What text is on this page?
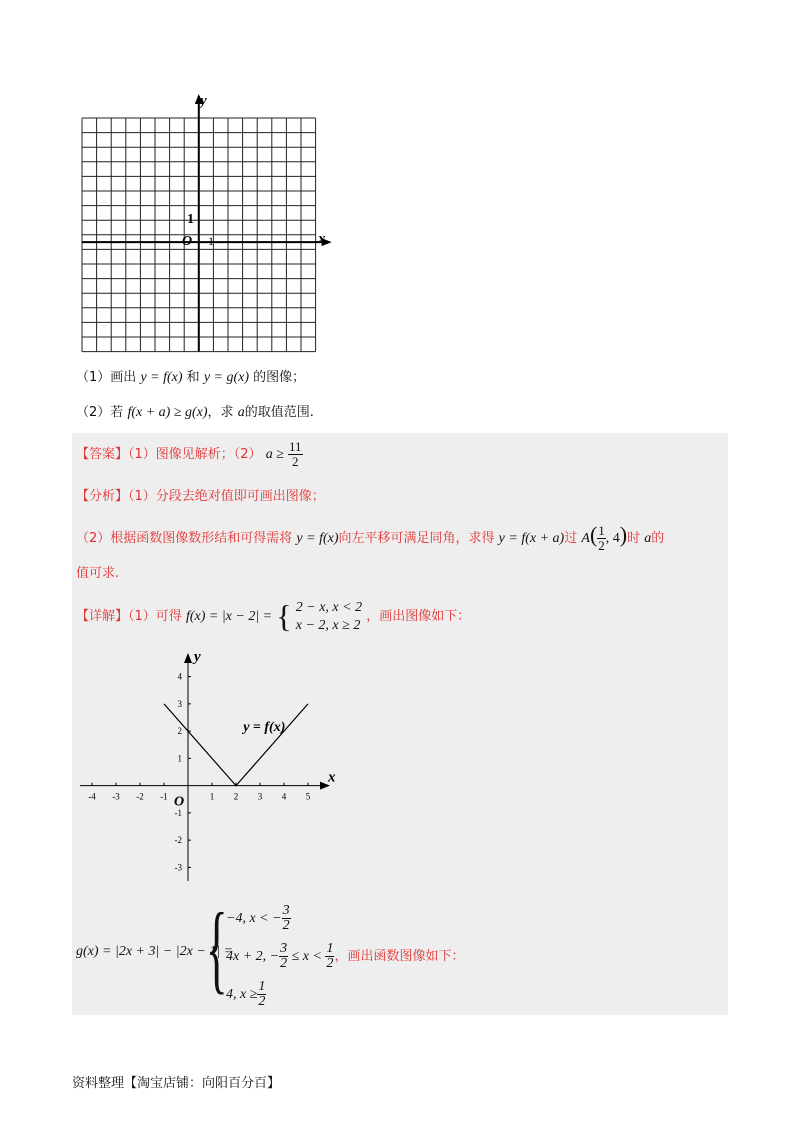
y
x
O
1
1
（1）画出 y = f(x) 和 y = g(x) 的图像；
（2）若 f(x + a) ≥ g(x)，求 a的取值范围.
【答案】（1）图像见解析；（2） $a \ge \frac{11}{2}$
【分析】（1）分段去绝对值即可画出图像；
（2）根据函数图像数形结和可得需将 y = f(x)向左平移可满足同角，求得 y = f(x + a)过 $A( \frac{1}{2}$ , 4)时 a的
值可求.
【详解】（1）可得 f(x) = |x − 2| = { 2 − x, x < 2
x − 2, x ≥ 2
，画出图像如下：
x
y
O
-4 -3 -2 -1	1 2 3 4 5
4
3
2
1
-1
-2
-3
y = f(x)
g(x) = |2x + 3| − |2x − 1| =
{
−4, x < − $\frac{3}{2}$
4x + 2, − $\frac{3}{2} \le x < \frac{1}{2}$ ，画出函数图像如下：
4, $x \ge \frac{1}{2}$
资料整理【淘宝店铺：向阳百分百】
